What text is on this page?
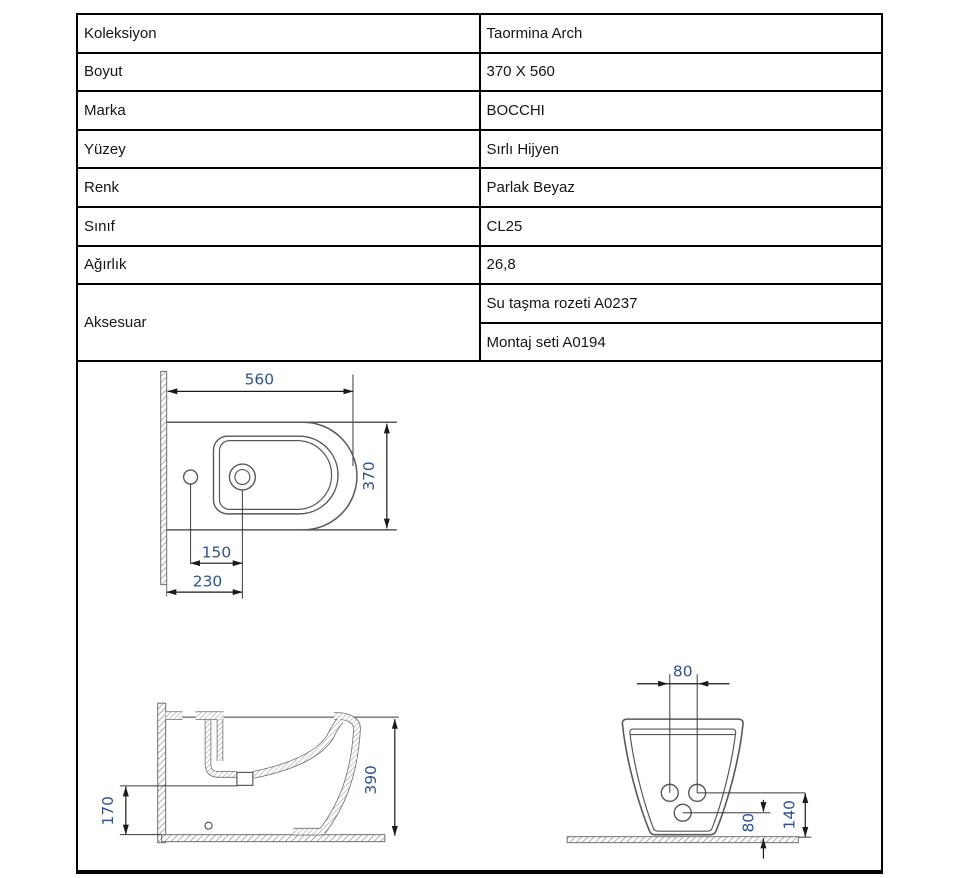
Koleksiyon	Taormina Arch
Boyut	370 X 560
Marka	BOCCHI
Yüzey	Sırlı Hijyen
Renk	Parlak Beyaz
Sınıf	CL25
Ağırlık	26,8
Aksesuar	Su taşma rozeti A0237
	Montaj seti A0194
560
370
150
230
390
170
80
80 140
